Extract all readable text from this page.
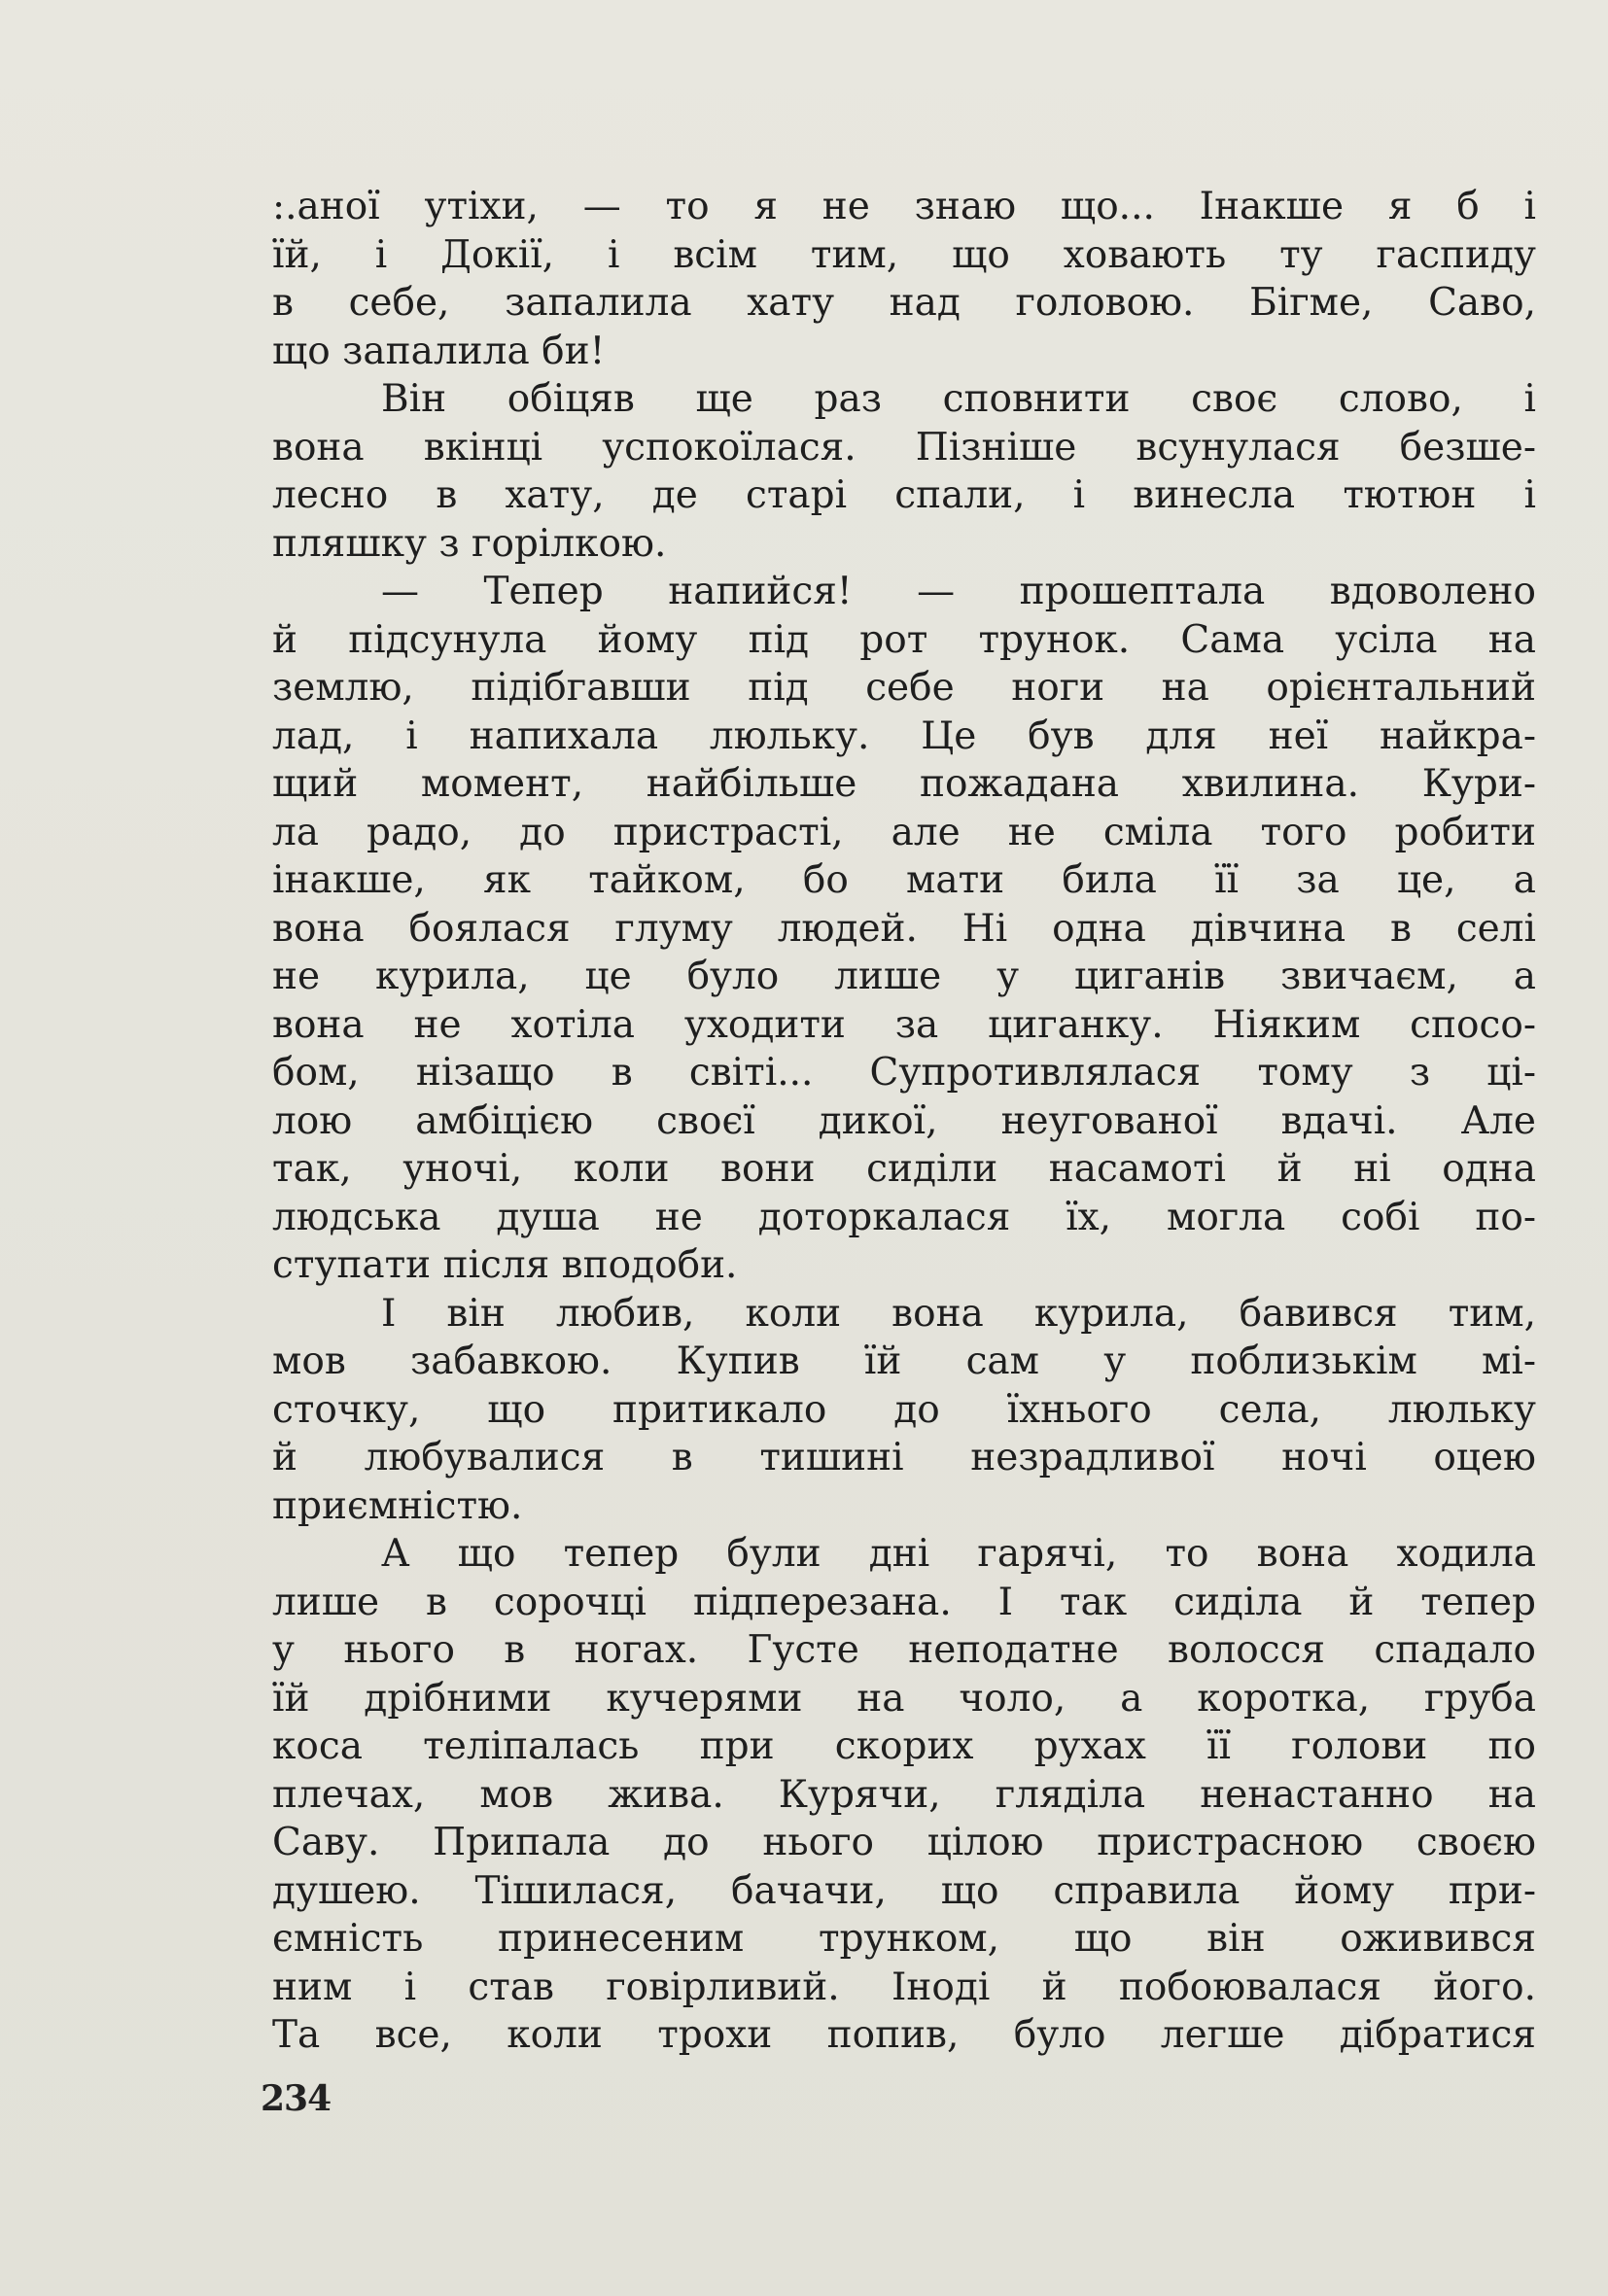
:.аної утіхи, — то я не знаю що... Інакше я б і
їй, і Докії, і всім тим, що ховають ту гаспиду
в себе, запалила хату над головою. Бігме, Саво,
що запалила би!
Він обіцяв ще раз сповнити своє слово, і
вона вкінці успокоїлася. Пізніше всунулася безше-
лесно в хату, де старі спали, і винесла тютюн і
пляшку з горілкою.
— Тепер напийся! — прошептала вдоволено
й підсунула йому під рот трунок. Сама усіла на
землю, підібгавши під себе ноги на орієнтальний
лад, і напихала люльку. Це був для неї найкра-
щий момент, найбільше пожадана хвилина. Кури-
ла радо, до пристрасті, але не сміла того робити
інакше, як тайком, бо мати била її за це, а
вона боялася глуму людей. Ні одна дівчина в селі
не курила, це було лише у циганів звичаєм, а
вона не хотіла уходити за циганку. Ніяким спосо-
бом, нізащо в світі... Супротивлялася тому з ці-
лою амбіцією своєї дикої, неугованої вдачі. Але
так, уночі, коли вони сиділи насамоті й ні одна
людська душа не доторкалася їх, могла собі по-
ступати після вподоби.
І він любив, коли вона курила, бавився тим,
мов забавкою. Купив їй сам у поблизькім мі-
сточку, що притикало до їхнього села, люльку
й любувалися в тишині незрадливої ночі оцею
приємністю.
А що тепер були дні гарячі, то вона ходила
лише в сорочці підперезана. І так сиділа й тепер
у нього в ногах. Густе неподатне волосся спадало
їй дрібними кучерями на чоло, а коротка, груба
коса теліпалась при скорих рухах її голови по
плечах, мов жива. Курячи, гляділа ненастанно на
Саву. Припала до нього цілою пристрасною своєю
душею. Тішилася, бачачи, що справила йому при-
ємність принесеним трунком, що він оживився
ним і став говірливий. Іноді й побоювалася його.
Та все, коли трохи попив, було легше дібратися
234
